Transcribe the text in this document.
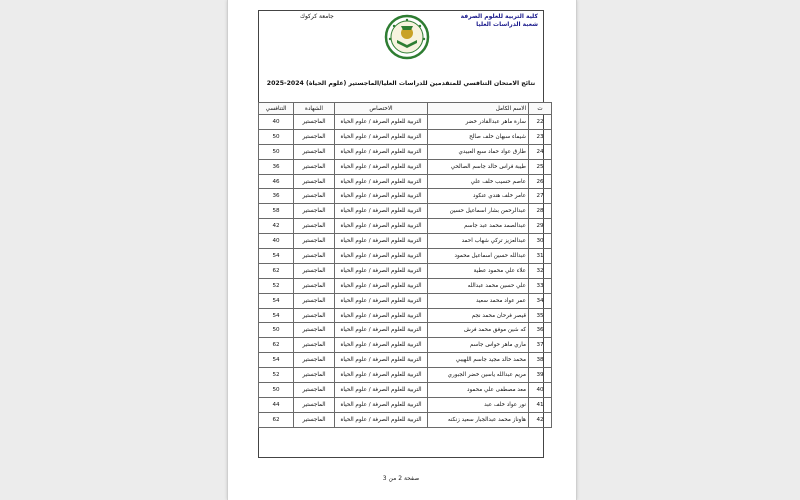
كلية التربية للعلوم الصرفة
شعبة الدراسات العليا
جامعة كركوك
نتائج الامتحان التنافسي للمتقدمين للدراسات العليا/الماجستير (علوم الحياة) 2024-2025
ت	الاسم الكامل	الاختصاص	الشهادة	التنافسي
22	سارة ماهر عبدالقادر خضر	التربية للعلوم الصرفة / علوم الحياة	الماجستير	40
23	شيماء سبهان خلف صالح	التربية للعلوم الصرفة / علوم الحياة	الماجستير	50
24	طارق عواد حماد سبع العبيدي	التربية للعلوم الصرفة / علوم الحياة	الماجستير	50
25	طيبة فراس خالد جاسم الصالحي	التربية للعلوم الصرفة / علوم الحياة	الماجستير	36
26	عاصم حسيب خلف علي	التربية للعلوم الصرفة / علوم الحياة	الماجستير	46
27	عامر خلف هندي عنكود	التربية للعلوم الصرفة / علوم الحياة	الماجستير	36
28	عبدالرحمن بشار اسماعيل حسين	التربية للعلوم الصرفة / علوم الحياة	الماجستير	58
29	عبدالصمد محمد عبد جاسم	التربية للعلوم الصرفة / علوم الحياة	الماجستير	42
30	عبدالعزيز تركي شهاب احمد	التربية للعلوم الصرفة / علوم الحياة	الماجستير	40
31	عبدالله حسين اسماعيل محمود	التربية للعلوم الصرفة / علوم الحياة	الماجستير	54
32	علاء علي محمود عطية	التربية للعلوم الصرفة / علوم الحياة	الماجستير	62
33	علي حسين محمد عبدالله	التربية للعلوم الصرفة / علوم الحياة	الماجستير	52
34	عمر عواد محمد سعيد	التربية للعلوم الصرفة / علوم الحياة	الماجستير	54
35	قيصر فرحان محمد نجم	التربية للعلوم الصرفة / علوم الحياة	الماجستير	54
36	كه شين موفق محمد فرش	التربية للعلوم الصرفة / علوم الحياة	الماجستير	50
37	ماري ماهر حواس جاسم	التربية للعلوم الصرفة / علوم الحياة	الماجستير	62
38	محمد خالد مجيد جاسم اللهيبي	التربية للعلوم الصرفة / علوم الحياة	الماجستير	54
39	مريم عبدالله ياسين خضر الجبوري	التربية للعلوم الصرفة / علوم الحياة	الماجستير	52
40	معد مصطفى علي محمود	التربية للعلوم الصرفة / علوم الحياة	الماجستير	50
41	نور عواد خلف عبد	التربية للعلوم الصرفة / علوم الحياة	الماجستير	44
42	هاوناز محمد عبدالجبار سعيد زنكنه	التربية للعلوم الصرفة / علوم الحياة	الماجستير	62
صفحة 2 من 3
